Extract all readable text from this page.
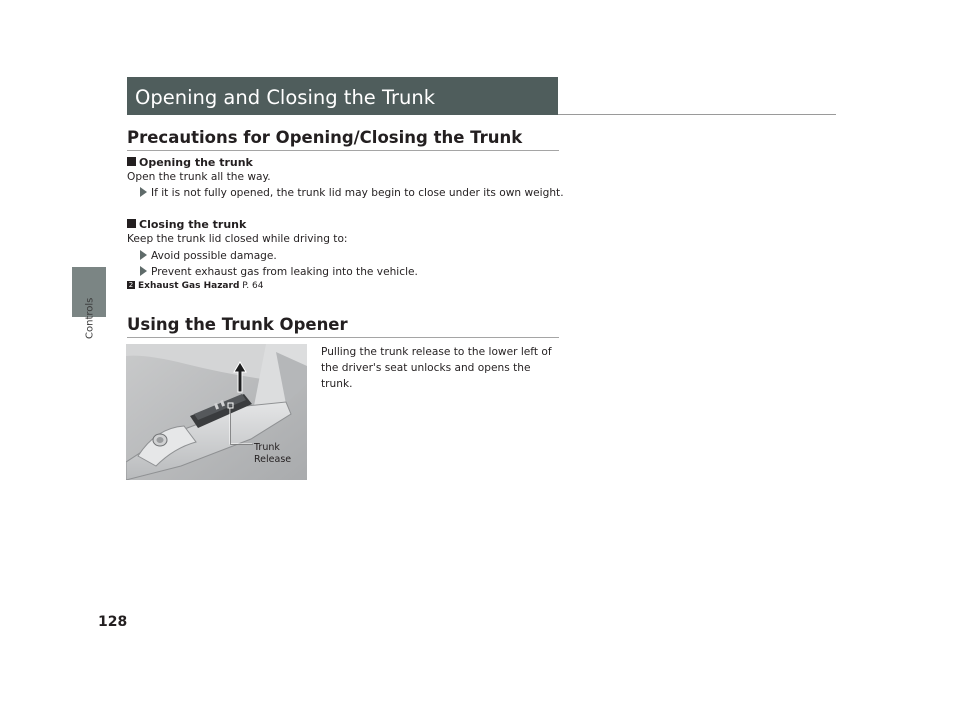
Controls
128
Opening and Closing the Trunk
Precautions for Opening/Closing the Trunk
Opening the trunk
Open the trunk all the way.
If it is not fully opened, the trunk lid may begin to close under its own weight.
Closing the trunk
Keep the trunk lid closed while driving to:
Avoid possible damage.
Prevent exhaust gas from leaking into the vehicle.
2 Exhaust Gas Hazard P. 64
Using the Trunk Opener
Trunk
Release
Pulling the trunk release to the lower left of the driver's seat unlocks and opens the trunk.
